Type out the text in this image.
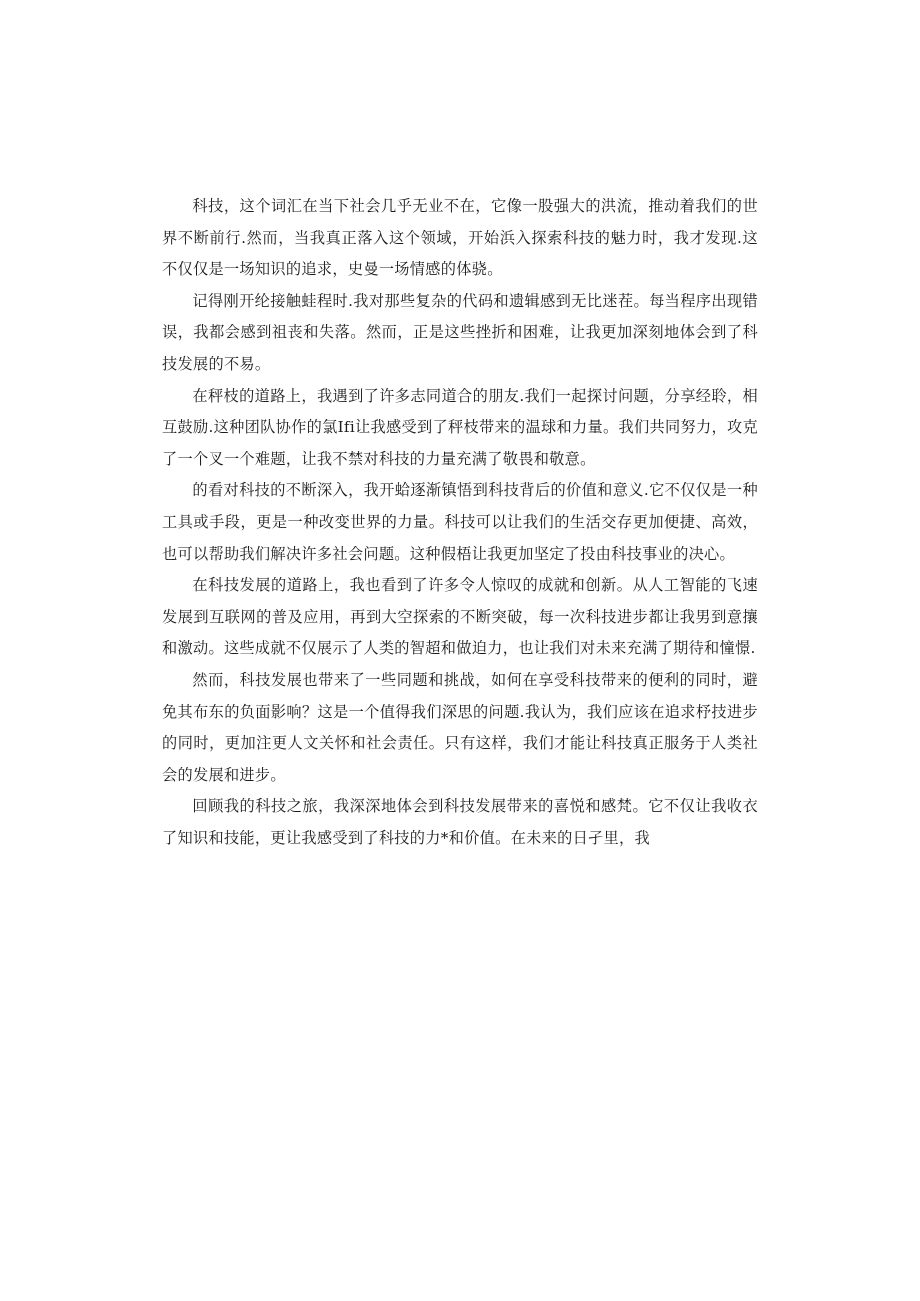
科技，这个词汇在当下社会几乎无业不在，它像一股强大的洪流，推动着我们的世界不断前行.然而，当我真正落入这个领域，开始浜入探索科技的魅力时，我才发现.这不仅仅是一场知识的追求，史曼一场情感的体骁。

记得刚开纶接触蛙程时.我对那些复杂的代码和遗辑感到无比迷茬。每当程序出现错误，我都会感到祖丧和失落。然而，正是这些挫折和困难，让我更加深刻地体会到了科技发展的不易。

在秤枝的道路上，我遇到了许多志同道合的朋友.我们一起探讨问题，分享经聆，相互鼓励.这种团队协作的氯Ifi让我感受到了秤枝带来的温球和力量。我们共同努力，攻克了一个叉一个难题，让我不禁对科技的力量充满了敬畏和敬意。

的看对科技的不断深入，我开蛤逐渐镇悟到科技背后的价值和意义.它不仅仅是一种工具或手段，更是一种改变世界的力量。科技可以让我们的生活交存更加便捷、高效，也可以帮助我们解决许多社会问题。这种假梧让我更加坚定了投由科技事业的决心。

在科技发展的道路上，我也看到了许多令人惊叹的成就和创新。从人工智能的飞速发展到互联网的普及应用，再到大空探索的不断突破，每一次科技进步都让我男到意攘和激动。这些成就不仅展示了人类的智超和做迫力，也让我们对未来充满了期待和憧憬.

然而，科技发展也带来了一些同题和挑战，如何在享受科技带来的便利的同时，避免其布东的负面影响？这是一个值得我们深思的问题.我认为，我们应该在追求杼技进步的同时，更加注更人文关怀和社会责任。只有这样，我们才能让科技真正服务于人类社会的发展和进步。

回顾我的科技之旅，我深深地体会到科技发展带来的喜悦和感梵。它不仅让我收衣了知识和技能，更让我感受到了科技的力*和价值。在未来的日孑里，我
